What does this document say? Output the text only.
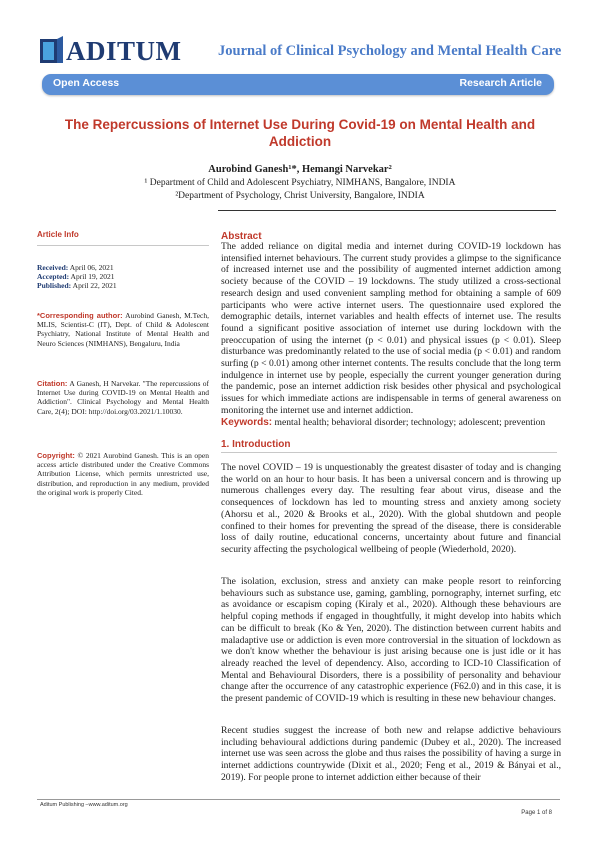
ADITUM	Journal of Clinical Psychology and Mental Health Care
Open Access	Research Article
The Repercussions of Internet Use During Covid-19 on Mental Health and Addiction
Aurobind Ganesh¹*, Hemangi Narvekar²
¹ Department of Child and Adolescent Psychiatry, NIMHANS, Bangalore, INDIA
²Department of Psychology, Christ University, Bangalore, INDIA
Article Info
Received: April 06, 2021
Accepted: April 19, 2021
Published: April 22, 2021
*Corresponding author: Aurobind Ganesh, M.Tech, MLIS, Scientist-C (IT), Dept. of Child & Adolescent Psychiatry, National Institute of Mental Health and Neuro Sciences (NIMHANS), Bengaluru, India
Citation: A Ganesh, H Narvekar. "The repercussions of Internet Use during COVID-19 on Mental Health and Addiction". Clinical Psychology and Mental Health Care, 2(4); DOI: http://doi.org/03.2021/1.10030.
Copyright: © 2021 Aurobind Ganesh. This is an open access article distributed under the Creative Commons Attribution License, which permits unrestricted use, distribution, and reproduction in any medium, provided the original work is properly Cited.
Abstract
The added reliance on digital media and internet during COVID-19 lockdown has intensified internet behaviours. The current study provides a glimpse to the significance of increased internet use and the possibility of augmented internet addiction among society because of the COVID – 19 lockdowns. The study utilized a cross-sectional research design and used convenient sampling method for obtaining a sample of 609 participants who were active internet users. The questionnaire used explored the demographic details, internet variables and health effects of internet use. The results found a significant positive association of internet use during lockdown with the preoccupation of using the internet (p < 0.01) and physical issues (p < 0.01). Sleep disturbance was predominantly related to the use of social media (p < 0.01) and random surfing (p < 0.01) among other internet contents. The results conclude that the long term indulgence in internet use by people, especially the current younger generation during the pandemic, pose an internet addiction risk besides other physical and psychological issues for which immediate actions are indispensable in terms of general awareness on monitoring the internet use and internet addiction.
Keywords: mental health; behavioral disorder; technology; adolescent; prevention
1. Introduction
The novel COVID – 19 is unquestionably the greatest disaster of today and is changing the world on an hour to hour basis. It has been a universal concern and is throwing up numerous challenges every day. The resulting fear about virus, disease and the consequences of lockdown has led to mounting stress and anxiety among society (Ahorsu et al., 2020 & Brooks et al., 2020). With the global shutdown and people confined to their homes for preventing the spread of the disease, there is considerable loss of daily routine, educational concerns, uncertainty about future and financial security affecting the psychological wellbeing of people (Wiederhold, 2020).
The isolation, exclusion, stress and anxiety can make people resort to reinforcing behaviours such as substance use, gaming, gambling, pornography, internet surfing, etc as avoidance or escapism coping (Kiraly et al., 2020). Although these behaviours are helpful coping methods if engaged in thoughtfully, it might develop into habits which can be difficult to break (Ko & Yen, 2020). The distinction between current habits and maladaptive use or addiction is even more controversial in the situation of lockdown as we don't know whether the behaviour is just arising because one is just idle or it has already reached the level of dependency. Also, according to ICD-10 Classification of Mental and Behavioural Disorders, there is a possibility of personality and behaviour change after the occurrence of any catastrophic experience (F62.0) and in this case, it is the present pandemic of COVID-19 which is resulting in these new behaviour changes.
Recent studies suggest the increase of both new and relapse addictive behaviours including behavioural addictions during pandemic (Dubey et al., 2020). The increased internet use was seen across the globe and thus raises the possibility of having a surge in internet addictions countrywide (Dixit et al., 2020; Feng et al., 2019 & Bányai et al., 2019). For people prone to internet addiction either because of their
Aditum Publishing –www.aditum.org
Page 1 of 8
